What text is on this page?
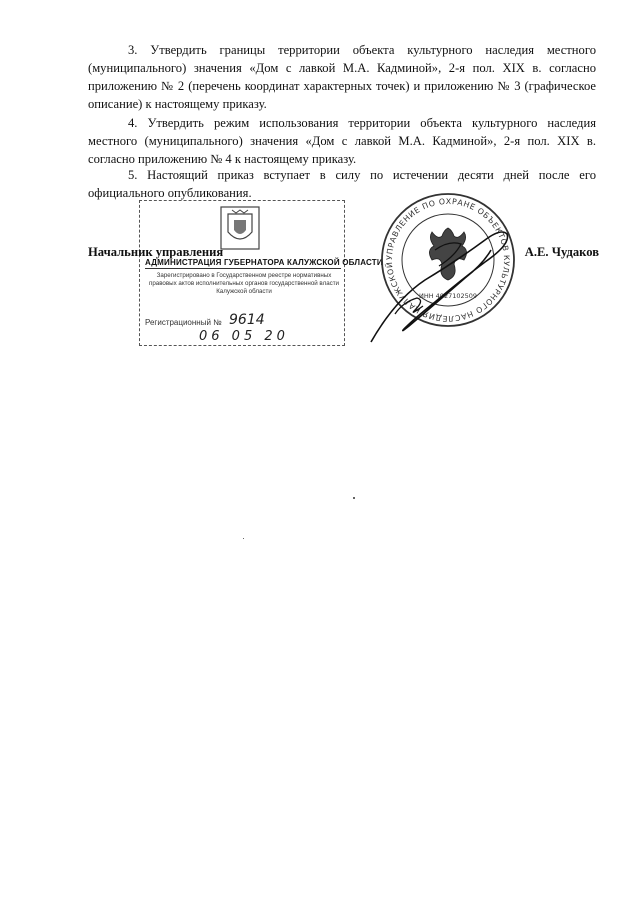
3. Утвердить границы территории объекта культурного наследия местного (муниципального) значения «Дом с лавкой М.А. Кадминой», 2-я пол. XIX в. согласно приложению № 2 (перечень координат характерных точек) и приложению № 3 (графическое описание) к настоящему приказу.

4. Утвердить режим использования территории объекта культурного наследия местного (муниципального) значения «Дом с лавкой М.А. Кадминой», 2-я пол. XIX в. согласно приложению № 4 к настоящему приказу.

5. Настоящий приказ вступает в силу по истечении десяти дней после его официального опубликования.

АДМИНИСТРАЦИЯ ГУБЕРНАТОРА КАЛУЖСКОЙ ОБЛАСТИ
Зарегистрировано в Государственном реестре нормативных правовых актов исполнительных органов государственной власти Калужской области
Регистрационный № 9614
06 05 20
УПРАВЛЕНИЕ ПО ОХРАНЕ ОБЪЕКТОВ КУЛЬТУРНОГО НАСЛЕДИЯ КАЛУЖСКОЙ
ИНН 4027102509
Начальник управления	А.Е. Чудаков
